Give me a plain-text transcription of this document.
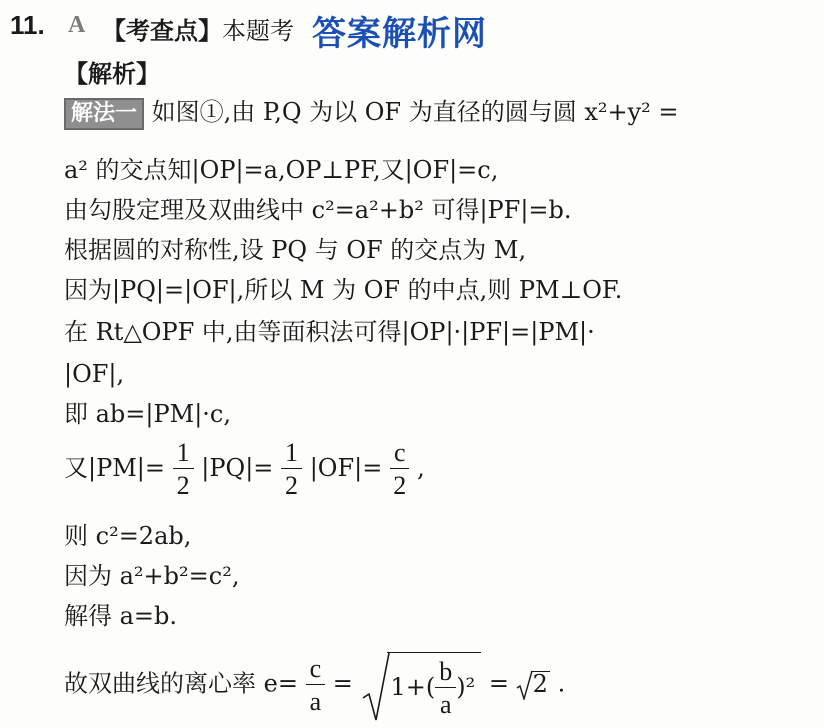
11. A 【考查点】本题考 答案解析网
【解析】
解法一 如图①,由 P,Q 为以 OF 为直径的圆与圆 x²+y² =
a² 的交点知|OP|=a,OP⊥PF,又|OF|=c,
由勾股定理及双曲线中 c²=a²+b² 可得|PF|=b.
根据圆的对称性,设 PQ 与 OF 的交点为 M,
因为|PQ|=|OF|,所以 M 为 OF 的中点,则 PM⊥OF.
在 Rt△OPF 中,由等面积法可得|OP|·|PF|=|PM|·
|OF|,
即 ab=|PM|·c,
又$|PM|= \frac{1}{2} |PQ|= \frac{1}{2} |OF|= \frac{c}{2}$ ,
则 c²=2ab,
因为 a²+b²=c²,
解得 a=b.
故双曲线的离心率 $e= \frac{c}{a} = 1+( \frac{b}{a} )^2 = 2$ .
